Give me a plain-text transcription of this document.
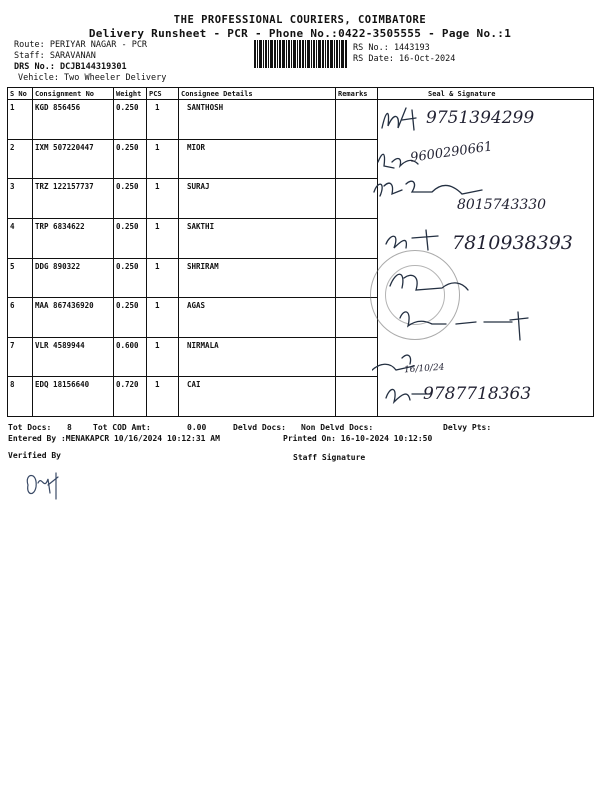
THE PROFESSIONAL COURIERS, COIMBATORE
Delivery Runsheet - PCR - Phone No.:0422-3505555 - Page No.:1
Route: PERIYAR NAGAR - PCR
Staff: SARAVANAN
DRS No.: DCJB144319301
Vehicle: Two Wheeler Delivery
RS No.: 1443193
RS Date: 16-Oct-2024
S No	Consignment No	Weight	PCS	Consignee Details	Remarks	Seal & Signature
1	KGD 856456	0.250	1	SANTHOSH		
2	IXM 507220447	0.250	1	MIOR		
3	TRZ 122157737	0.250	1	SURAJ		
4	TRP 6834622	0.250	1	SAKTHI		
5	DDG 890322	0.250	1	SHRIRAM		
6	MAA 867436920	0.250	1	AGAS		
7	VLR 4589944	0.600	1	NIRMALA		
8	EDQ 18156640	0.720	1	CAI		
9751394299
9600290661
8015743330
7810938393
16/10/24
9787718363
Tot Docs: 8	Tot COD Amt:	0.00	Delvd Docs: Non Delvd Docs:	Delvy Pts:
Entered By :MENAKAPCR 10/16/2024 10:12:31 AM	Printed On: 16-10-2024 10:12:50
Verified By	Staff Signature
